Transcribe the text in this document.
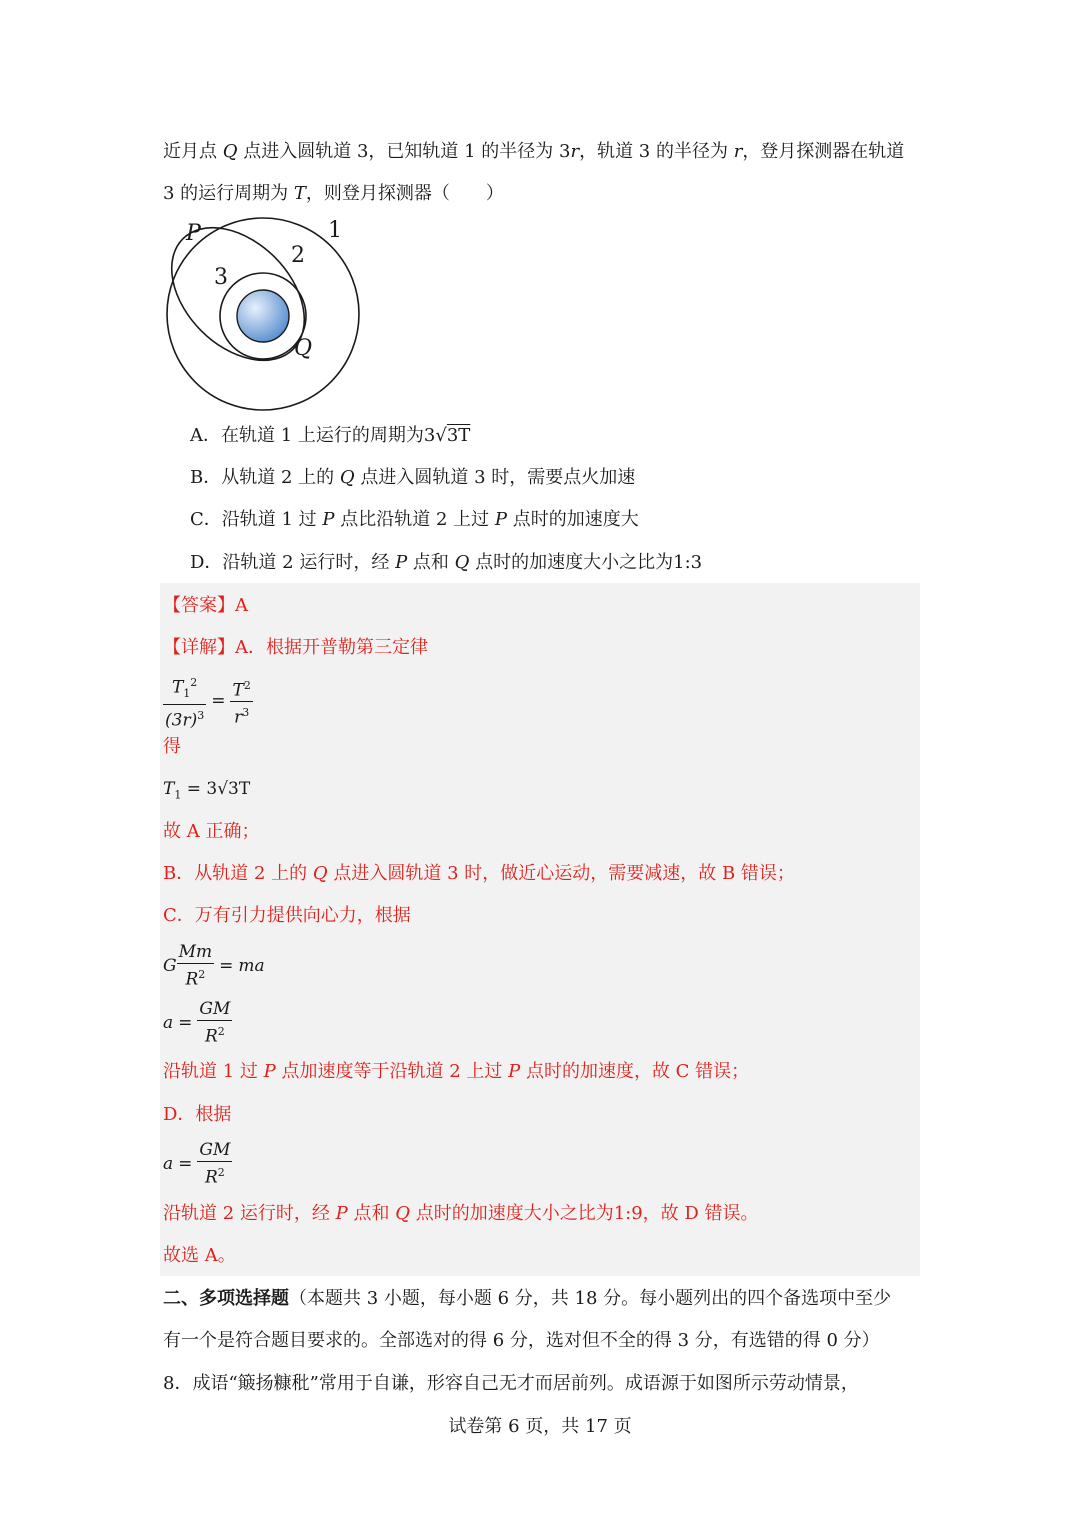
近月点 Q 点进入圆轨道 3，已知轨道 1 的半径为 3r，轨道 3 的半径为 r，登月探测器在轨道
3 的运行周期为 T，则登月探测器（　　）
P	1
2
3
Q
A．在轨道 1 上运行的周期为3√3T
B．从轨道 2 上的 Q 点进入圆轨道 3 时，需要点火加速
C．沿轨道 1 过 P 点比沿轨道 2 上过 P 点时的加速度大
D．沿轨道 2 运行时，经 P 点和 Q 点时的加速度大小之比为1:3
【答案】A
【详解】A．根据开普勒第三定律
$\frac{T_1^2}{(3r)^3} = \frac{T^2}{r^3}$
得
$T_1 = 3√3T$
故 A 正确；
B．从轨道 2 上的 Q 点进入圆轨道 3 时，做近心运动，需要减速，故 B 错误；
C．万有引力提供向心力，根据
G $\frac{Mm}{R^2}$ = ma
$a = \frac{GM}{R^2}$
沿轨道 1 过 P 点加速度等于沿轨道 2 上过 P 点时的加速度，故 C 错误；
D．根据
$a = \frac{GM}{R^2}$
沿轨道 2 运行时，经 P 点和 Q 点时的加速度大小之比为1:9，故 D 错误。
故选 A。
二、多项选择题（本题共 3 小题，每小题 6 分，共 18 分。每小题列出的四个备选项中至少
有一个是符合题目要求的。全部选对的得 6 分，选对但不全的得 3 分，有选错的得 0 分）
8．成语“簸扬糠秕”常用于自谦，形容自己无才而居前列。成语源于如图所示劳动情景，
试卷第 6 页，共 17 页
